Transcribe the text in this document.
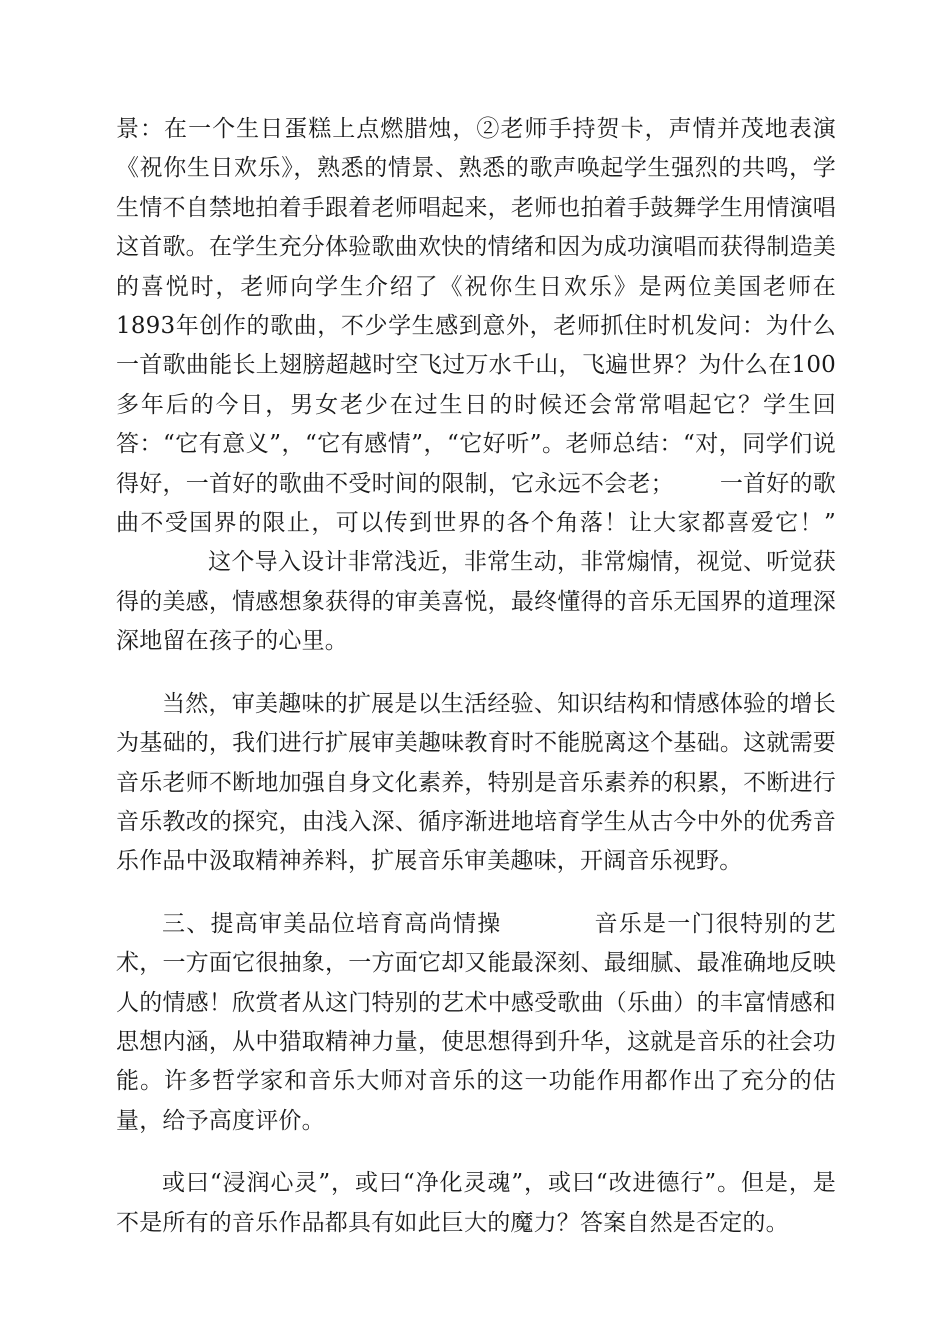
景：在一个生日蛋糕上点燃腊烛，②老师手持贺卡，声情并茂地表演《祝你生日欢乐》，熟悉的情景、熟悉的歌声唤起学生强烈的共鸣，学生情不自禁地拍着手跟着老师唱起来，老师也拍着手鼓舞学生用情演唱这首歌。在学生充分体验歌曲欢快的情绪和因为成功演唱而获得制造美的喜悦时，老师向学生介绍了《祝你生日欢乐》是两位美国老师在1893年创作的歌曲，不少学生感到意外，老师抓住时机发问：为什么一首歌曲能长上翅膀超越时空飞过万水千山，飞遍世界？为什么在100多年后的今日，男女老少在过生日的时候还会常常唱起它？学生回答：“它有意义”，“它有感情”，“它好听”。老师总结：“对，同学们说得好，一首好的歌曲不受时间的限制，它永远不会老； 一首好的歌曲不受国界的限止，可以传到世界的各个角落！让大家都喜爱它！”这个导入设计非常浅近，非常生动，非常煽情，视觉、听觉获得的美感，情感想象获得的审美喜悦，最终懂得的音乐无国界的道理深深地留在孩子的心里。

当然，审美趣味的扩展是以生活经验、知识结构和情感体验的增长为基础的，我们进行扩展审美趣味教育时不能脱离这个基础。这就需要音乐老师不断地加强自身文化素养，特别是音乐素养的积累，不断进行音乐教改的探究，由浅入深、循序渐进地培育学生从古今中外的优秀音乐作品中汲取精神养料，扩展音乐审美趣味，开阔音乐视野。

三、提高审美品位培育高尚情操	音乐是一门很特别的艺术，一方面它很抽象，一方面它却又能最深刻、最细腻、最准确地反映人的情感！欣赏者从这门特别的艺术中感受歌曲（乐曲）的丰富情感和思想内涵，从中猎取精神力量，使思想得到升华，这就是音乐的社会功能。许多哲学家和音乐大师对音乐的这一功能作用都作出了充分的估量，给予高度评价。

或曰“浸润心灵”，或曰“净化灵魂”，或曰“改进德行”。但是，是不是所有的音乐作品都具有如此巨大的魔力？答案自然是否定的。
